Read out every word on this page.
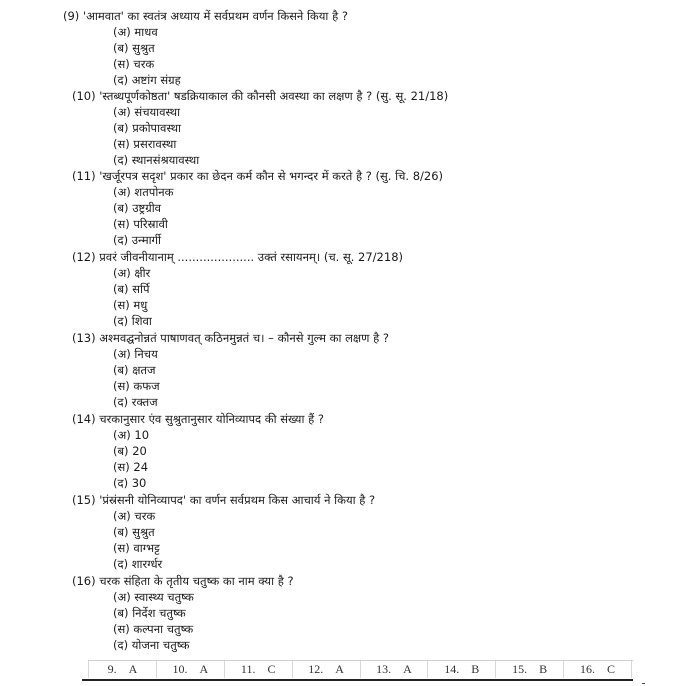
(9) 'आमवात' का स्वतंत्र अध्याय में सर्वप्रथम वर्णन किसने किया है ?
(अ) माधव
(ब) सुश्रुत
(स) चरक
(द) अष्टांग संग्रह
(10) 'स्तब्धपूर्णकोष्ठता' षडक्रियाकाल की कौनसी अवस्था का लक्षण है ? (सु. सू. 21/18)
(अ) संचयावस्था
(ब) प्रकोपावस्था
(स) प्रसरावस्था
(द) स्थानसंश्रयावस्था
(11) 'खर्जूरपत्र सदृश' प्रकार का छेदन कर्म कौन से भगन्दर में करते है ? (सु. चि. 8/26)
(अ) शतपोनक
(ब) उष्ट्रग्रीव
(स) परिस्रावी
(द) उन्मार्गी
(12) प्रवरं जीवनीयानाम् ..................... उक्तं रसायनम्। (च. सू. 27/218)
(अ) क्षीर
(ब) सर्पि
(स) मधु
(द) शिवा
(13) अश्मवद्घनोन्नतं पाषाणवत् कठिनमुन्नतं च। – कौनसे गुल्म का लक्षण है ?
(अ) निचय
(ब) क्षतज
(स) कफज
(द) रक्तज
(14) चरकानुसार एंव सुश्रुतानुसार योनिव्यापद की संख्या हैं ?
(अ) 10
(ब) 20
(स) 24
(द) 30
(15) 'प्रंस्रंसनी योनिव्यापद' का वर्णन सर्वप्रथम किस आचार्य ने किया है ?
(अ) चरक
(ब) सुश्रुत
(स) वाग्भट्ट
(द) शारर्ग्धर
(16) चरक संहिता के तृतीय चतुष्क का नाम क्या है ?
(अ) स्वास्थ्य चतुष्क
(ब) निर्देश चतुष्क
(स) कल्पना चतुष्क
(द) योजना चतुष्क
9. A	10. A	11. C	12. A	13. A	14. B	15. B	16. C
